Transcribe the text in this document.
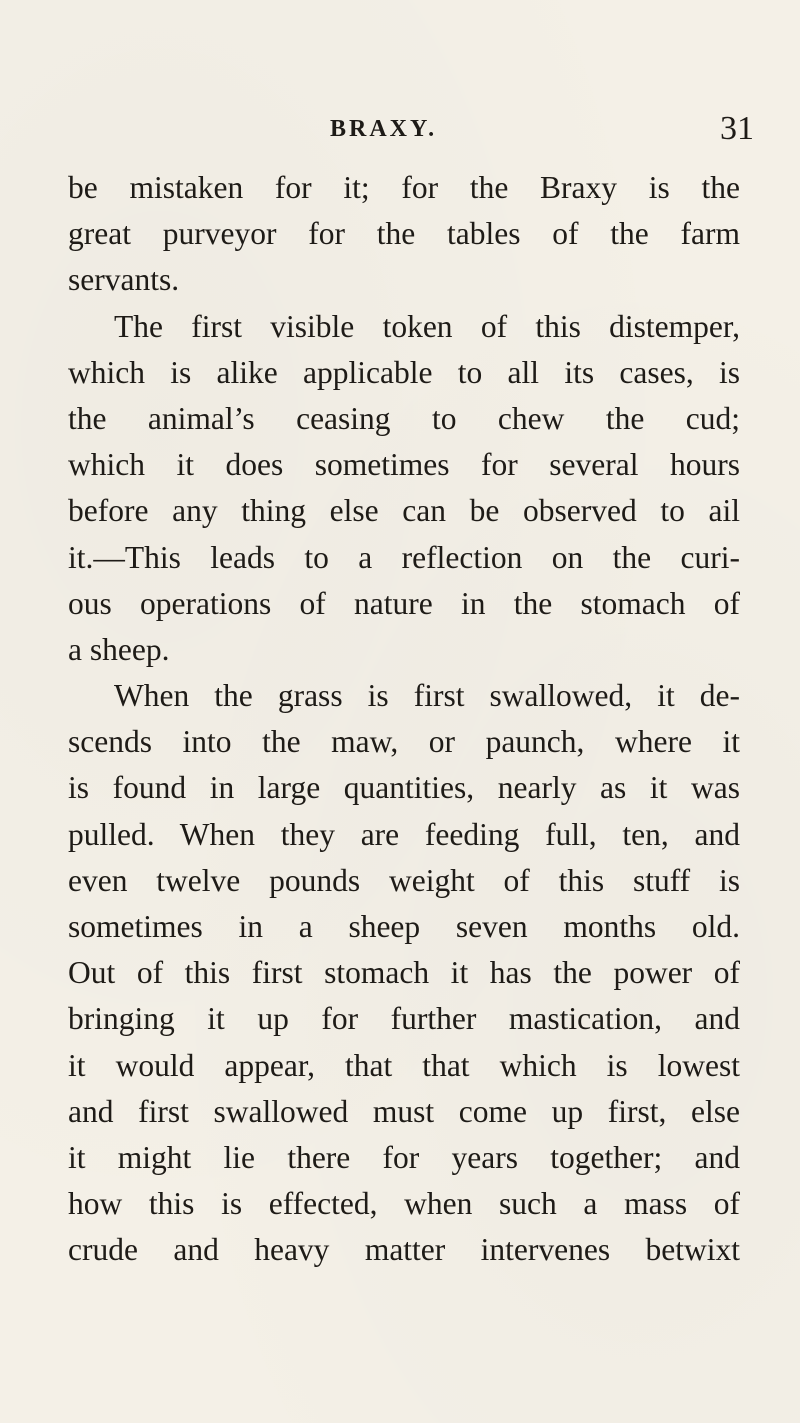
BRAXY.	31
be mistaken for it; for the Braxy is the
great purveyor for the tables of the farm
servants.
The first visible token of this distemper,
which is alike applicable to all its cases, is
the animal’s ceasing to chew the cud;
which it does sometimes for several hours
before any thing else can be observed to ail
it.—This leads to a reflection on the curi-
ous operations of nature in the stomach of
a sheep.
When the grass is first swallowed, it de-
scends into the maw, or paunch, where it
is found in large quantities, nearly as it was
pulled. When they are feeding full, ten, and
even twelve pounds weight of this stuff is
sometimes in a sheep seven months old.
Out of this first stomach it has the power of
bringing it up for further mastication, and
it would appear, that that which is lowest
and first swallowed must come up first, else
it might lie there for years together; and
how this is effected, when such a mass of
crude and heavy matter intervenes betwixt
